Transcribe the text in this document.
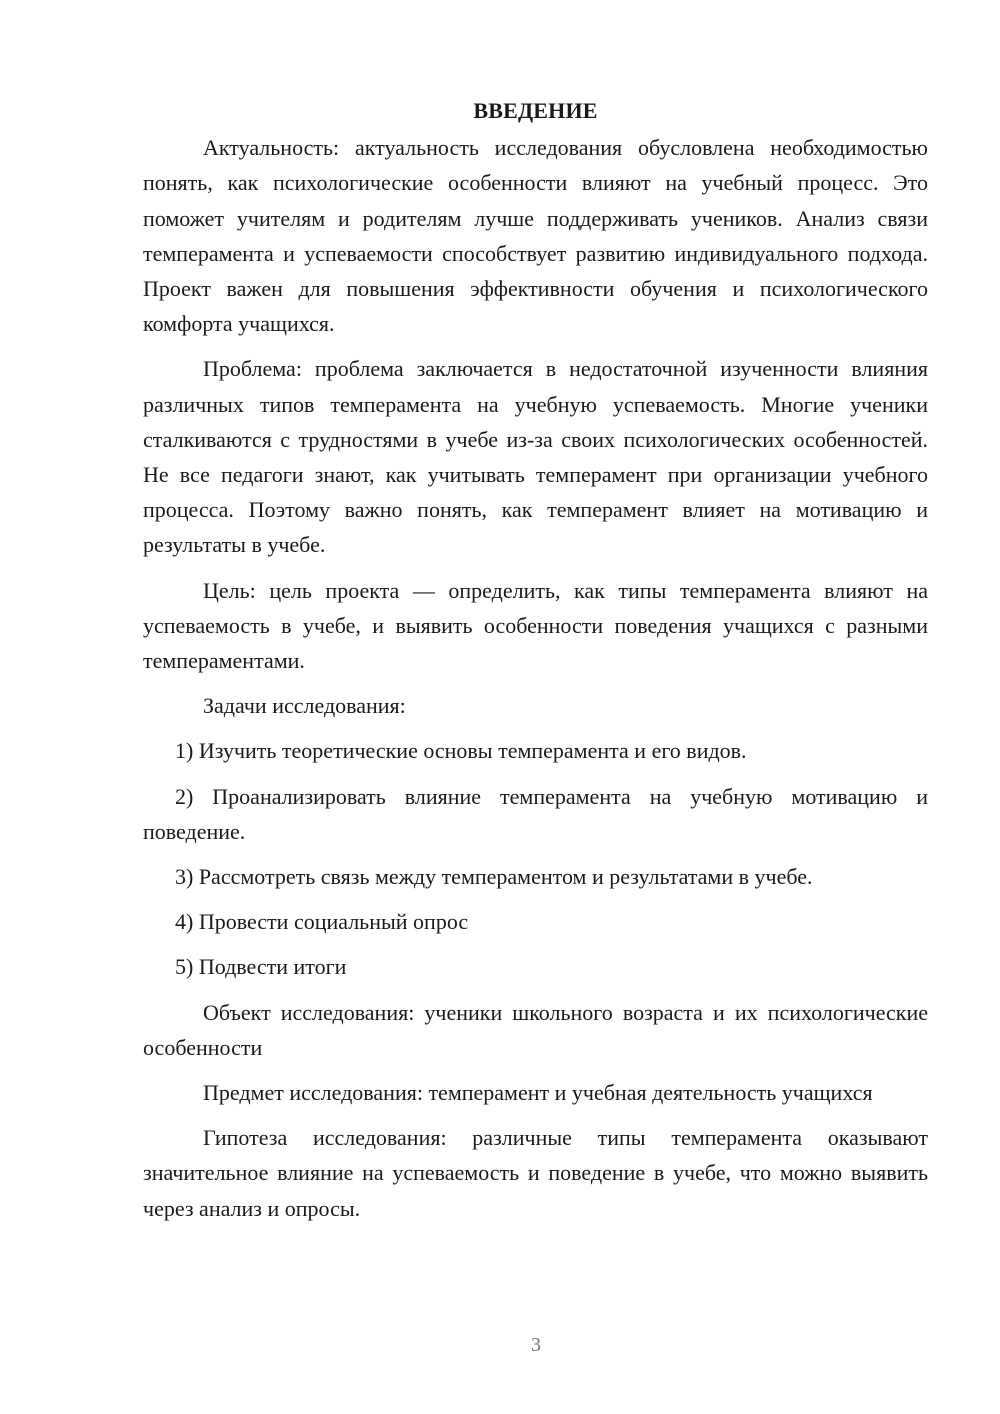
ВВЕДЕНИЕ

Актуальность: актуальность исследования обусловлена необходимостью понять, как психологические особенности влияют на учебный процесс. Это поможет учителям и родителям лучше поддерживать учеников. Анализ связи темперамента и успеваемости способствует развитию индивидуального подхода. Проект важен для повышения эффективности обучения и психологического комфорта учащихся.

Проблема: проблема заключается в недостаточной изученности влияния различных типов темперамента на учебную успеваемость. Многие ученики сталкиваются с трудностями в учебе из-за своих психологических особенностей. Не все педагоги знают, как учитывать темперамент при организации учебного процесса. Поэтому важно понять, как темперамент влияет на мотивацию и результаты в учебе.

Цель: цель проекта — определить, как типы темперамента влияют на успеваемость в учебе, и выявить особенности поведения учащихся с разными темпераментами.

Задачи исследования:

1) Изучить теоретические основы темперамента и его видов.

2) Проанализировать влияние темперамента на учебную мотивацию и поведение.

3) Рассмотреть связь между темпераментом и результатами в учебе.

4) Провести социальный опрос

5) Подвести итоги

Объект исследования: ученики школьного возраста и их психологические особенности

Предмет исследования: темперамент и учебная деятельность учащихся

Гипотеза исследования: различные типы темперамента оказывают значительное влияние на успеваемость и поведение в учебе, что можно выявить через анализ и опросы.

3
